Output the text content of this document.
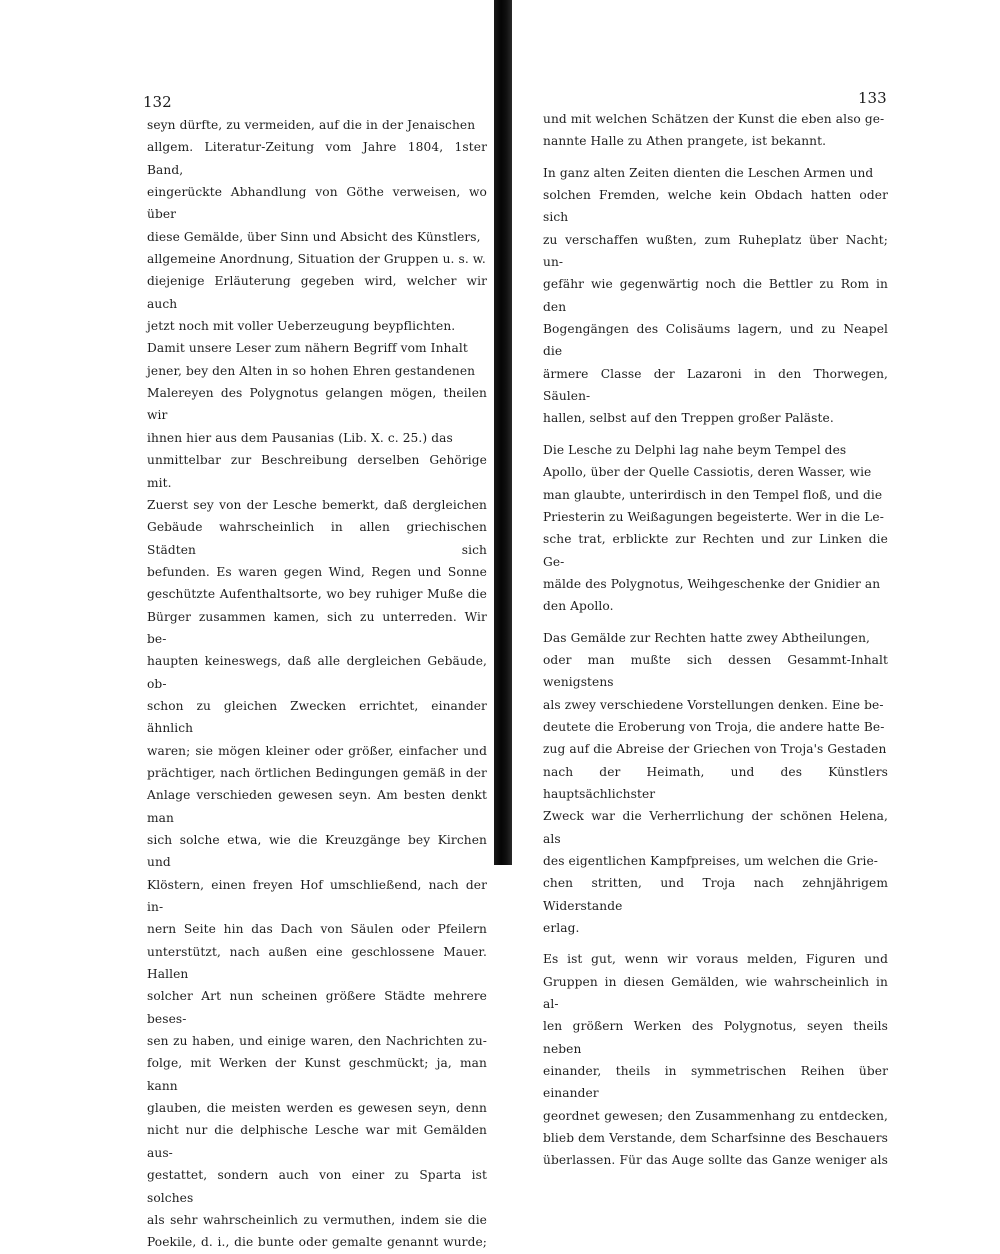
132

seyn dürfte, zu vermeiden, auf die in der Jenaischen
allgem. Literatur-Zeitung vom Jahre 1804, 1ster Band,
eingerückte Abhandlung von Göthe verweisen, wo über
diese Gemälde, über Sinn und Absicht des Künstlers,
allgemeine Anordnung, Situation der Gruppen u. s. w.
diejenige Erläuterung gegeben wird, welcher wir auch
jetzt noch mit voller Ueberzeugung beypflichten.

Damit unsere Leser zum nähern Begriff vom Inhalt
jener, bey den Alten in so hohen Ehren gestandenen
Malereyen des Polygnotus gelangen mögen, theilen wir
ihnen hier aus dem Pausanias (Lib. X. c. 25.) das
unmittelbar zur Beschreibung derselben Gehörige mit.

Zuerst sey von der Lesche bemerkt, daß dergleichen
Gebäude wahrscheinlich in allen griechischen Städten sich
befunden. Es waren gegen Wind, Regen und Sonne
geschützte Aufenthaltsorte, wo bey ruhiger Muße die
Bürger zusammen kamen, sich zu unterreden. Wir be-
haupten keineswegs, daß alle dergleichen Gebäude, ob-
schon zu gleichen Zwecken errichtet, einander ähnlich
waren; sie mögen kleiner oder größer, einfacher und
prächtiger, nach örtlichen Bedingungen gemäß in der
Anlage verschieden gewesen seyn. Am besten denkt man
sich solche etwa, wie die Kreuzgänge bey Kirchen und
Klöstern, einen freyen Hof umschließend, nach der in-
nern Seite hin das Dach von Säulen oder Pfeilern
unterstützt, nach außen eine geschlossene Mauer. Hallen
solcher Art nun scheinen größere Städte mehrere beses-
sen zu haben, und einige waren, den Nachrichten zu-
folge, mit Werken der Kunst geschmückt; ja, man kann
glauben, die meisten werden es gewesen seyn, denn
nicht nur die delphische Lesche war mit Gemälden aus-
gestattet, sondern auch von einer zu Sparta ist solches
als sehr wahrscheinlich zu vermuthen, indem sie die
Poekile, d. i., die bunte oder gemalte genannt wurde;

133

und mit welchen Schätzen der Kunst die eben also ge-
nannte Halle zu Athen prangete, ist bekannt.

In ganz alten Zeiten dienten die Leschen Armen und
solchen Fremden, welche kein Obdach hatten oder sich
zu verschaffen wußten, zum Ruheplatz über Nacht; un-
gefähr wie gegenwärtig noch die Bettler zu Rom in den
Bogengängen des Colisäums lagern, und zu Neapel die
ärmere Classe der Lazaroni in den Thorwegen, Säulen-
hallen, selbst auf den Treppen großer Paläste.

Die Lesche zu Delphi lag nahe beym Tempel des
Apollo, über der Quelle Cassiotis, deren Wasser, wie
man glaubte, unterirdisch in den Tempel floß, und die
Priesterin zu Weißagungen begeisterte. Wer in die Le-
sche trat, erblickte zur Rechten und zur Linken die Ge-
mälde des Polygnotus, Weihgeschenke der Gnidier an
den Apollo.

Das Gemälde zur Rechten hatte zwey Abtheilungen,
oder man mußte sich dessen Gesammt-Inhalt wenigstens
als zwey verschiedene Vorstellungen denken. Eine be-
deutete die Eroberung von Troja, die andere hatte Be-
zug auf die Abreise der Griechen von Troja's Gestaden
nach der Heimath, und des Künstlers hauptsächlichster
Zweck war die Verherrlichung der schönen Helena, als
des eigentlichen Kampfpreises, um welchen die Grie-
chen stritten, und Troja nach zehnjährigem Widerstande
erlag.

Es ist gut, wenn wir voraus melden, Figuren und
Gruppen in diesen Gemälden, wie wahrscheinlich in al-
len größern Werken des Polygnotus, seyen theils neben
einander, theils in symmetrischen Reihen über einander
geordnet gewesen; den Zusammenhang zu entdecken,
blieb dem Verstande, dem Scharfsinne des Beschauers
überlassen. Für das Auge sollte das Ganze weniger als
